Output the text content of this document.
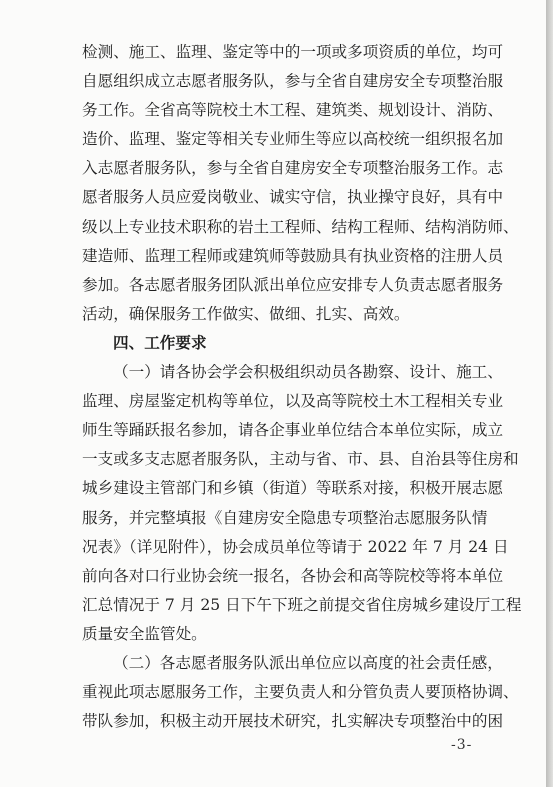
检测、施工、监理、鉴定等中的一项或多项资质的单位，均可
自愿组织成立志愿者服务队，参与全省自建房安全专项整治服
务工作。全省高等院校土木工程、建筑类、规划设计、消防、
造价、监理、鉴定等相关专业师生等应以高校统一组织报名加
入志愿者服务队，参与全省自建房安全专项整治服务工作。志
愿者服务人员应爱岗敬业、诚实守信，执业操守良好，具有中
级以上专业技术职称的岩土工程师、结构工程师、结构消防师、
建造师、监理工程师或建筑师等鼓励具有执业资格的注册人员
参加。各志愿者服务团队派出单位应安排专人负责志愿者服务
活动，确保服务工作做实、做细、扎实、高效。
四、工作要求
（一）请各协会学会积极组织动员各勘察、设计、施工、
监理、房屋鉴定机构等单位，以及高等院校土木工程相关专业
师生等踊跃报名参加，请各企事业单位结合本单位实际，成立
一支或多支志愿者服务队，主动与省、市、县、自治县等住房和
城乡建设主管部门和乡镇（街道）等联系对接，积极开展志愿
服务，并完整填报《自建房安全隐患专项整治志愿服务队情
况表》（详见附件），协会成员单位等请于 2022 年 7 月 24 日
前向各对口行业协会统一报名，各协会和高等院校等将本单位
汇总情况于 7 月 25 日下午下班之前提交省住房城乡建设厅工程
质量安全监管处。
（二）各志愿者服务队派出单位应以高度的社会责任感，
重视此项志愿服务工作，主要负责人和分管负责人要顶格协调、
带队参加，积极主动开展技术研究，扎实解决专项整治中的困
-3-
